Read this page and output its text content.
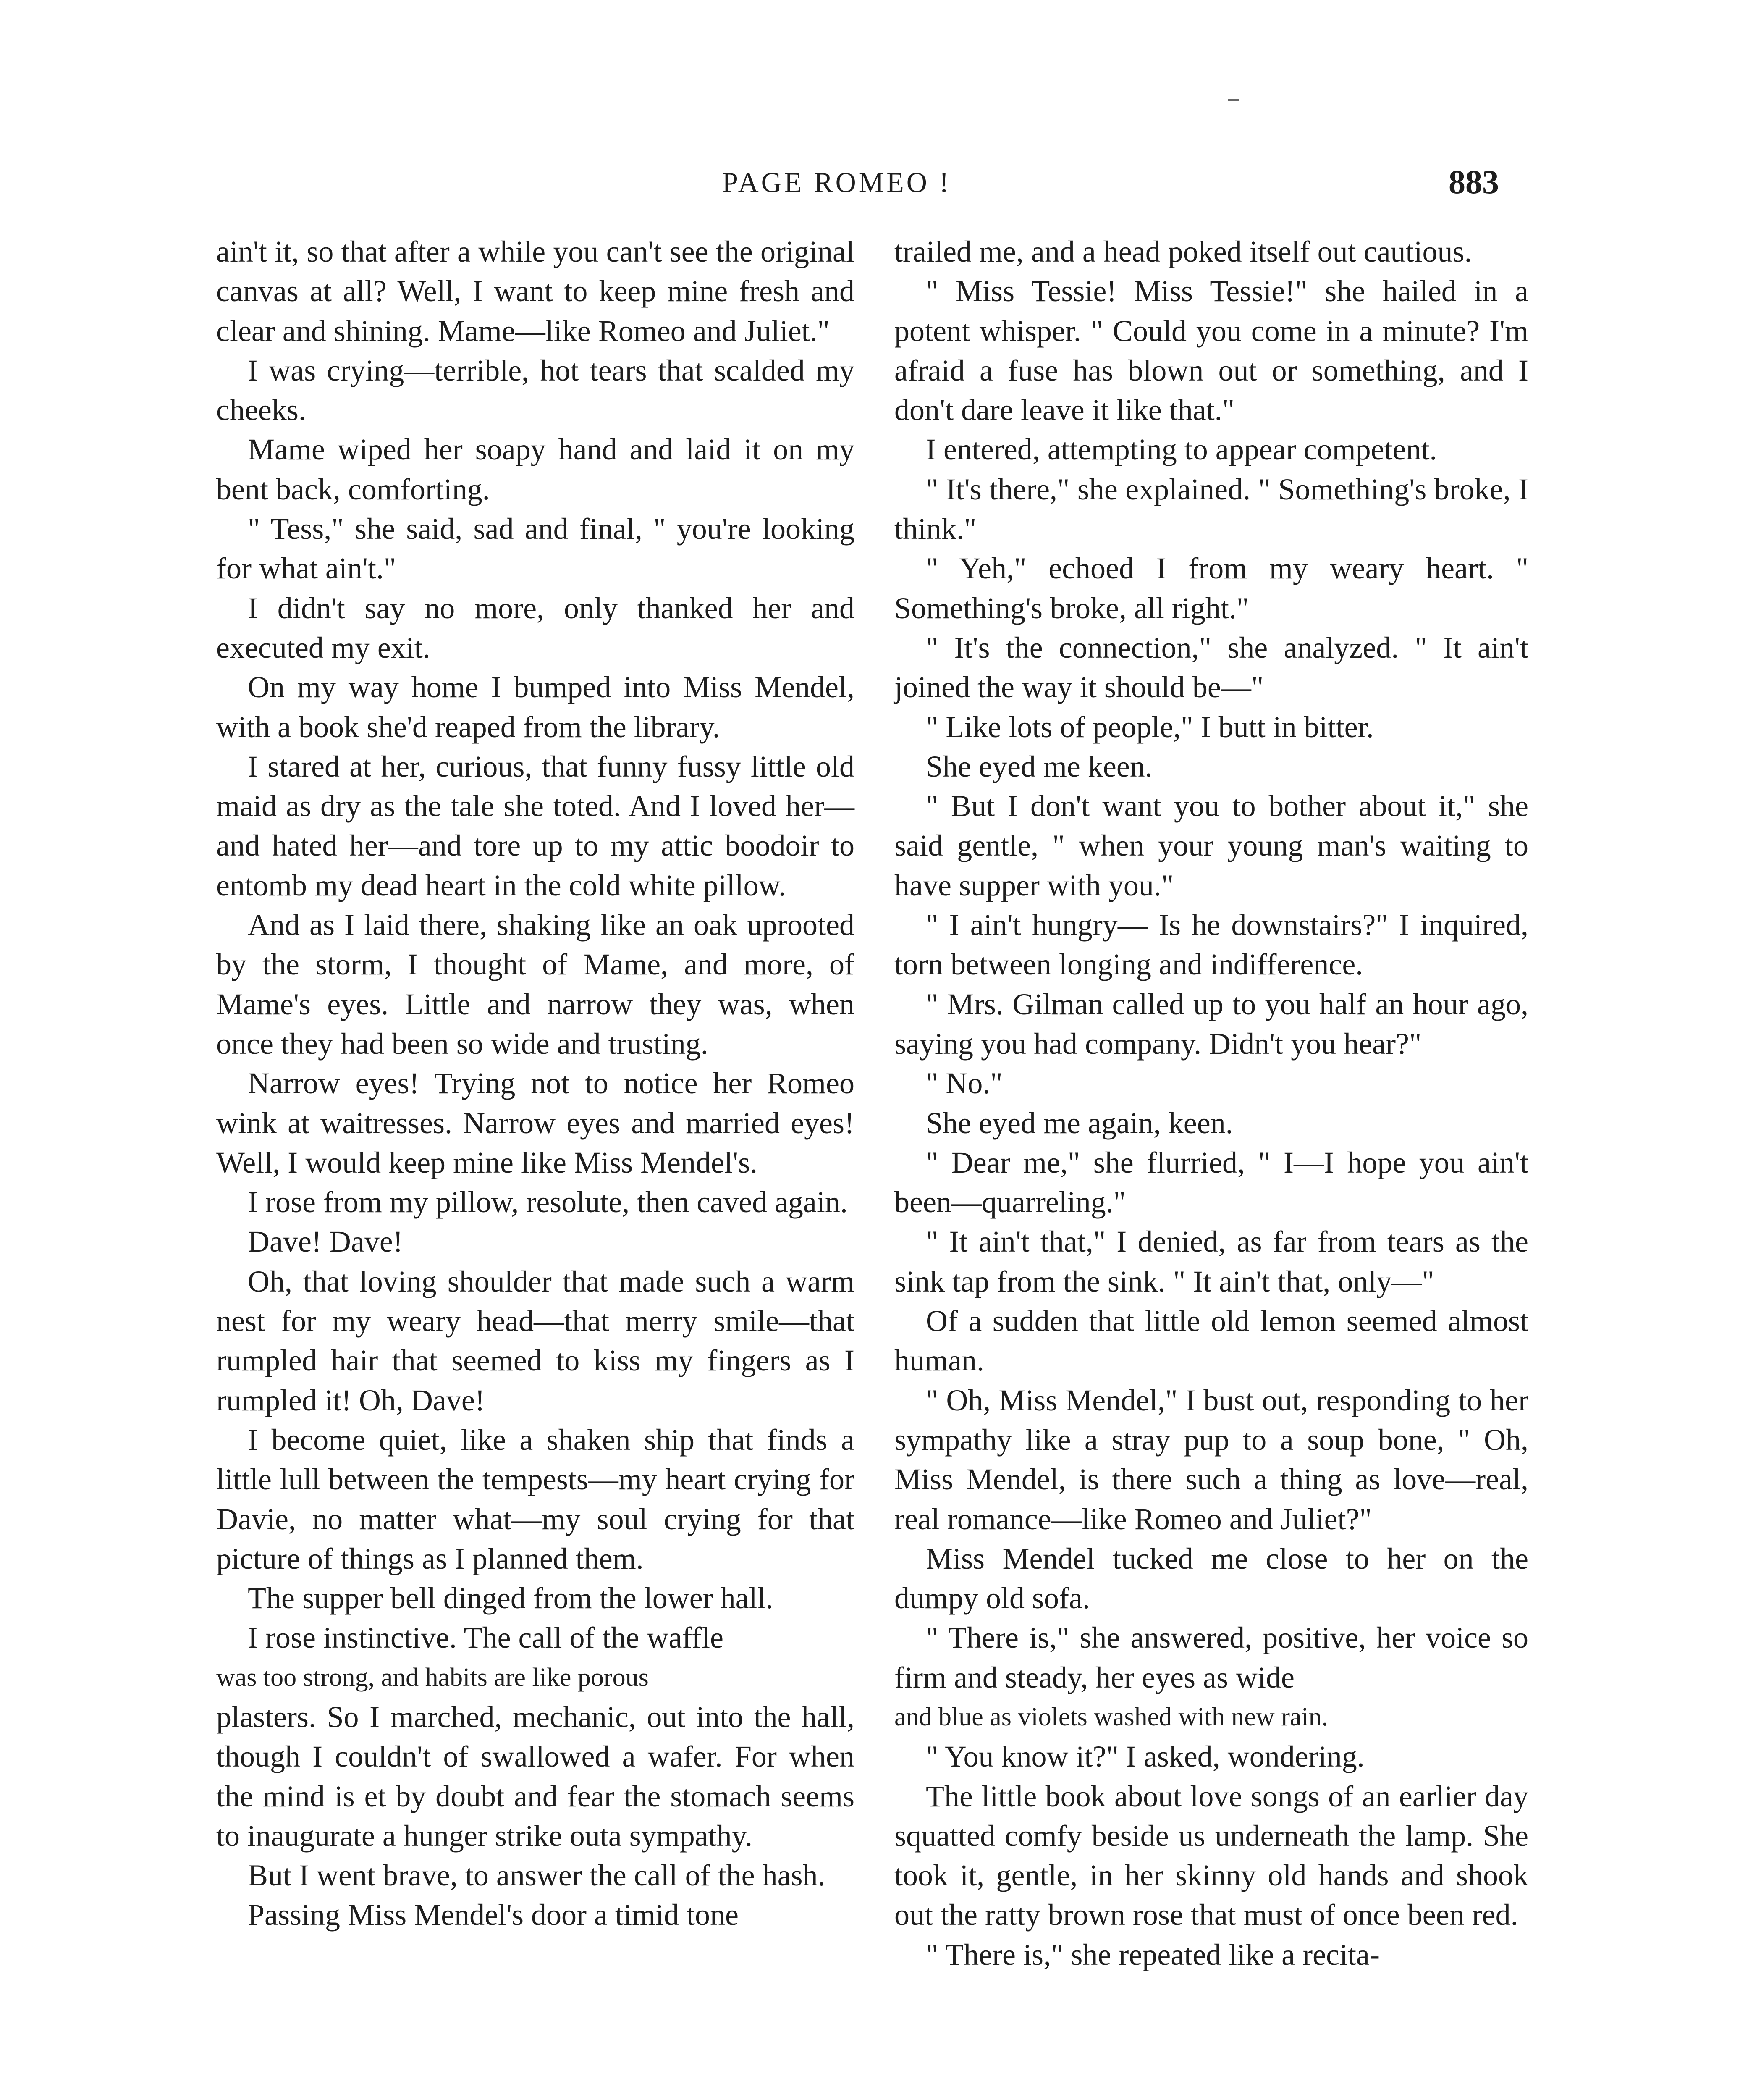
PAGE ROMEO !	883

ain't it, so that after a while you can't see the original canvas at all? Well, I want to keep mine fresh and clear and shining. Mame—like Romeo and Juliet."

I was crying—terrible, hot tears that scalded my cheeks.

Mame wiped her soapy hand and laid it on my bent back, comforting.

" Tess," she said, sad and final, " you're looking for what ain't."

I didn't say no more, only thanked her and executed my exit.

On my way home I bumped into Miss Mendel, with a book she'd reaped from the library.

I stared at her, curious, that funny fussy little old maid as dry as the tale she toted. And I loved her—and hated her—and tore up to my attic boodoir to entomb my dead heart in the cold white pillow.

And as I laid there, shaking like an oak uprooted by the storm, I thought of Mame, and more, of Mame's eyes. Little and narrow they was, when once they had been so wide and trusting.

Narrow eyes! Trying not to notice her Romeo wink at waitresses. Narrow eyes and married eyes! Well, I would keep mine like Miss Mendel's.

I rose from my pillow, resolute, then caved again.

Dave! Dave!

Oh, that loving shoulder that made such a warm nest for my weary head—that merry smile—that rumpled hair that seemed to kiss my fingers as I rumpled it! Oh, Dave!

I become quiet, like a shaken ship that finds a little lull between the tempests—my heart crying for Davie, no matter what—my soul crying for that picture of things as I planned them.

The supper bell dinged from the lower hall.

I rose instinctive. The call of the waffle

was too strong, and habits are like porous

plasters. So I marched, mechanic, out into the hall, though I couldn't of swallowed a wafer. For when the mind is et by doubt and fear the stomach seems to inaugurate a hunger strike outa sympathy.

But I went brave, to answer the call of the hash.

Passing Miss Mendel's door a timid tone

trailed me, and a head poked itself out cautious.

" Miss Tessie! Miss Tessie!" she hailed in a potent whisper. " Could you come in a minute? I'm afraid a fuse has blown out or something, and I don't dare leave it like that."

I entered, attempting to appear competent.

" It's there," she explained. " Something's broke, I think."

" Yeh," echoed I from my weary heart. " Something's broke, all right."

" It's the connection," she analyzed. " It ain't joined the way it should be—"

" Like lots of people," I butt in bitter.

She eyed me keen.

" But I don't want you to bother about it," she said gentle, " when your young man's waiting to have supper with you."

" I ain't hungry— Is he downstairs?" I inquired, torn between longing and indifference.

" Mrs. Gilman called up to you half an hour ago, saying you had company. Didn't you hear?"

" No."

She eyed me again, keen.

" Dear me," she flurried, " I—I hope you ain't been—quarreling."

" It ain't that," I denied, as far from tears as the sink tap from the sink. " It ain't that, only—"

Of a sudden that little old lemon seemed almost human.

" Oh, Miss Mendel," I bust out, responding to her sympathy like a stray pup to a soup bone, " Oh, Miss Mendel, is there such a thing as love—real, real romance—like Romeo and Juliet?"

Miss Mendel tucked me close to her on the dumpy old sofa.

" There is," she answered, positive, her voice so firm and steady, her eyes as wide

and blue as violets washed with new rain.

" You know it?" I asked, wondering.

The little book about love songs of an earlier day squatted comfy beside us underneath the lamp. She took it, gentle, in her skinny old hands and shook out the ratty brown rose that must of once been red.

" There is," she repeated like a recita-
